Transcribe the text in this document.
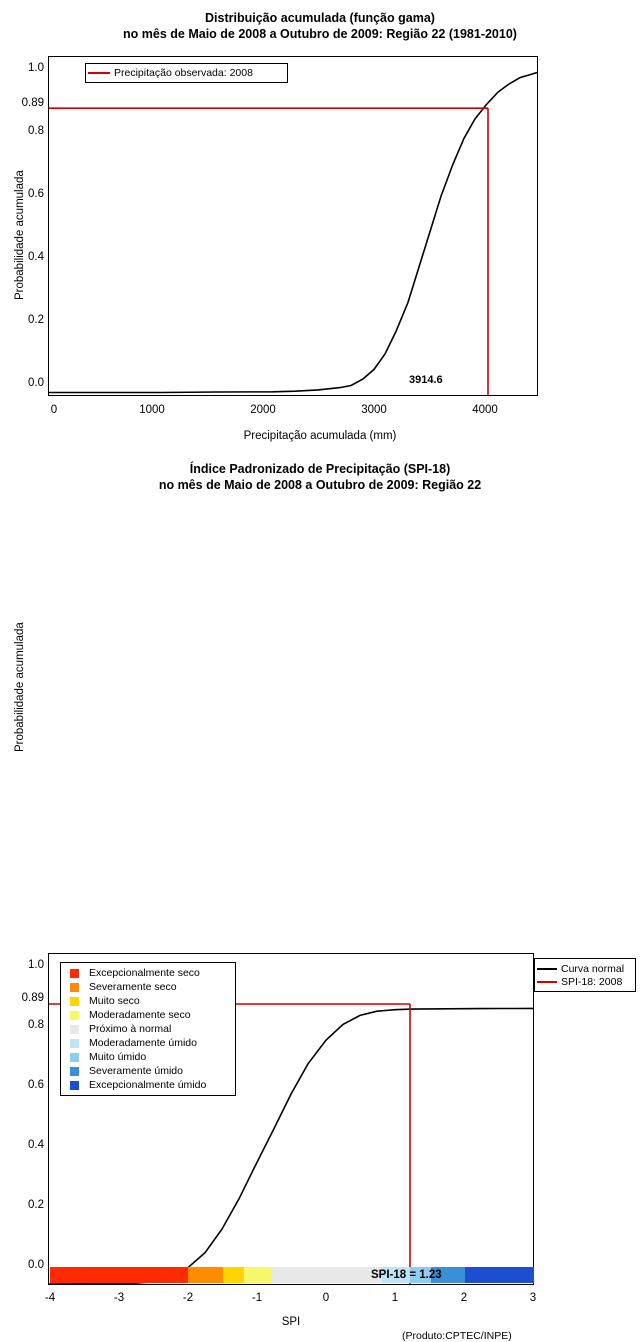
Distribuição acumulada (função gama)
no mês de Maio de 2008 a Outubro de 2009: Região 22 (1981-2010)
Probabilidade acumulada
1.0
0.8
0.6
0.4
0.2
0.0
0.89
0	1000	2000	3000	4000
Precipitação acumulada (mm)
Precipitação observada: 2008
3914.6
Índice Padronizado de Precipitação (SPI-18)
no mês de Maio de 2008 a Outubro de 2009: Região 22
Probabilidade acumulada
1.0
0.8
0.6
0.4
0.2
0.0
0.89
-4	-3	-2	-1	0	1	2	3
SPI
(Produto:CPTEC/INPE)
SPI-18 = 1.23
Excepcionalmente seco
Severamente seco
Muito seco
Moderadamente seco
Próximo à normal
Moderadamente úmido
Muito úmido
Severamente úmido
Excepcionalmente úmido
Curva normal
SPI-18: 2008
